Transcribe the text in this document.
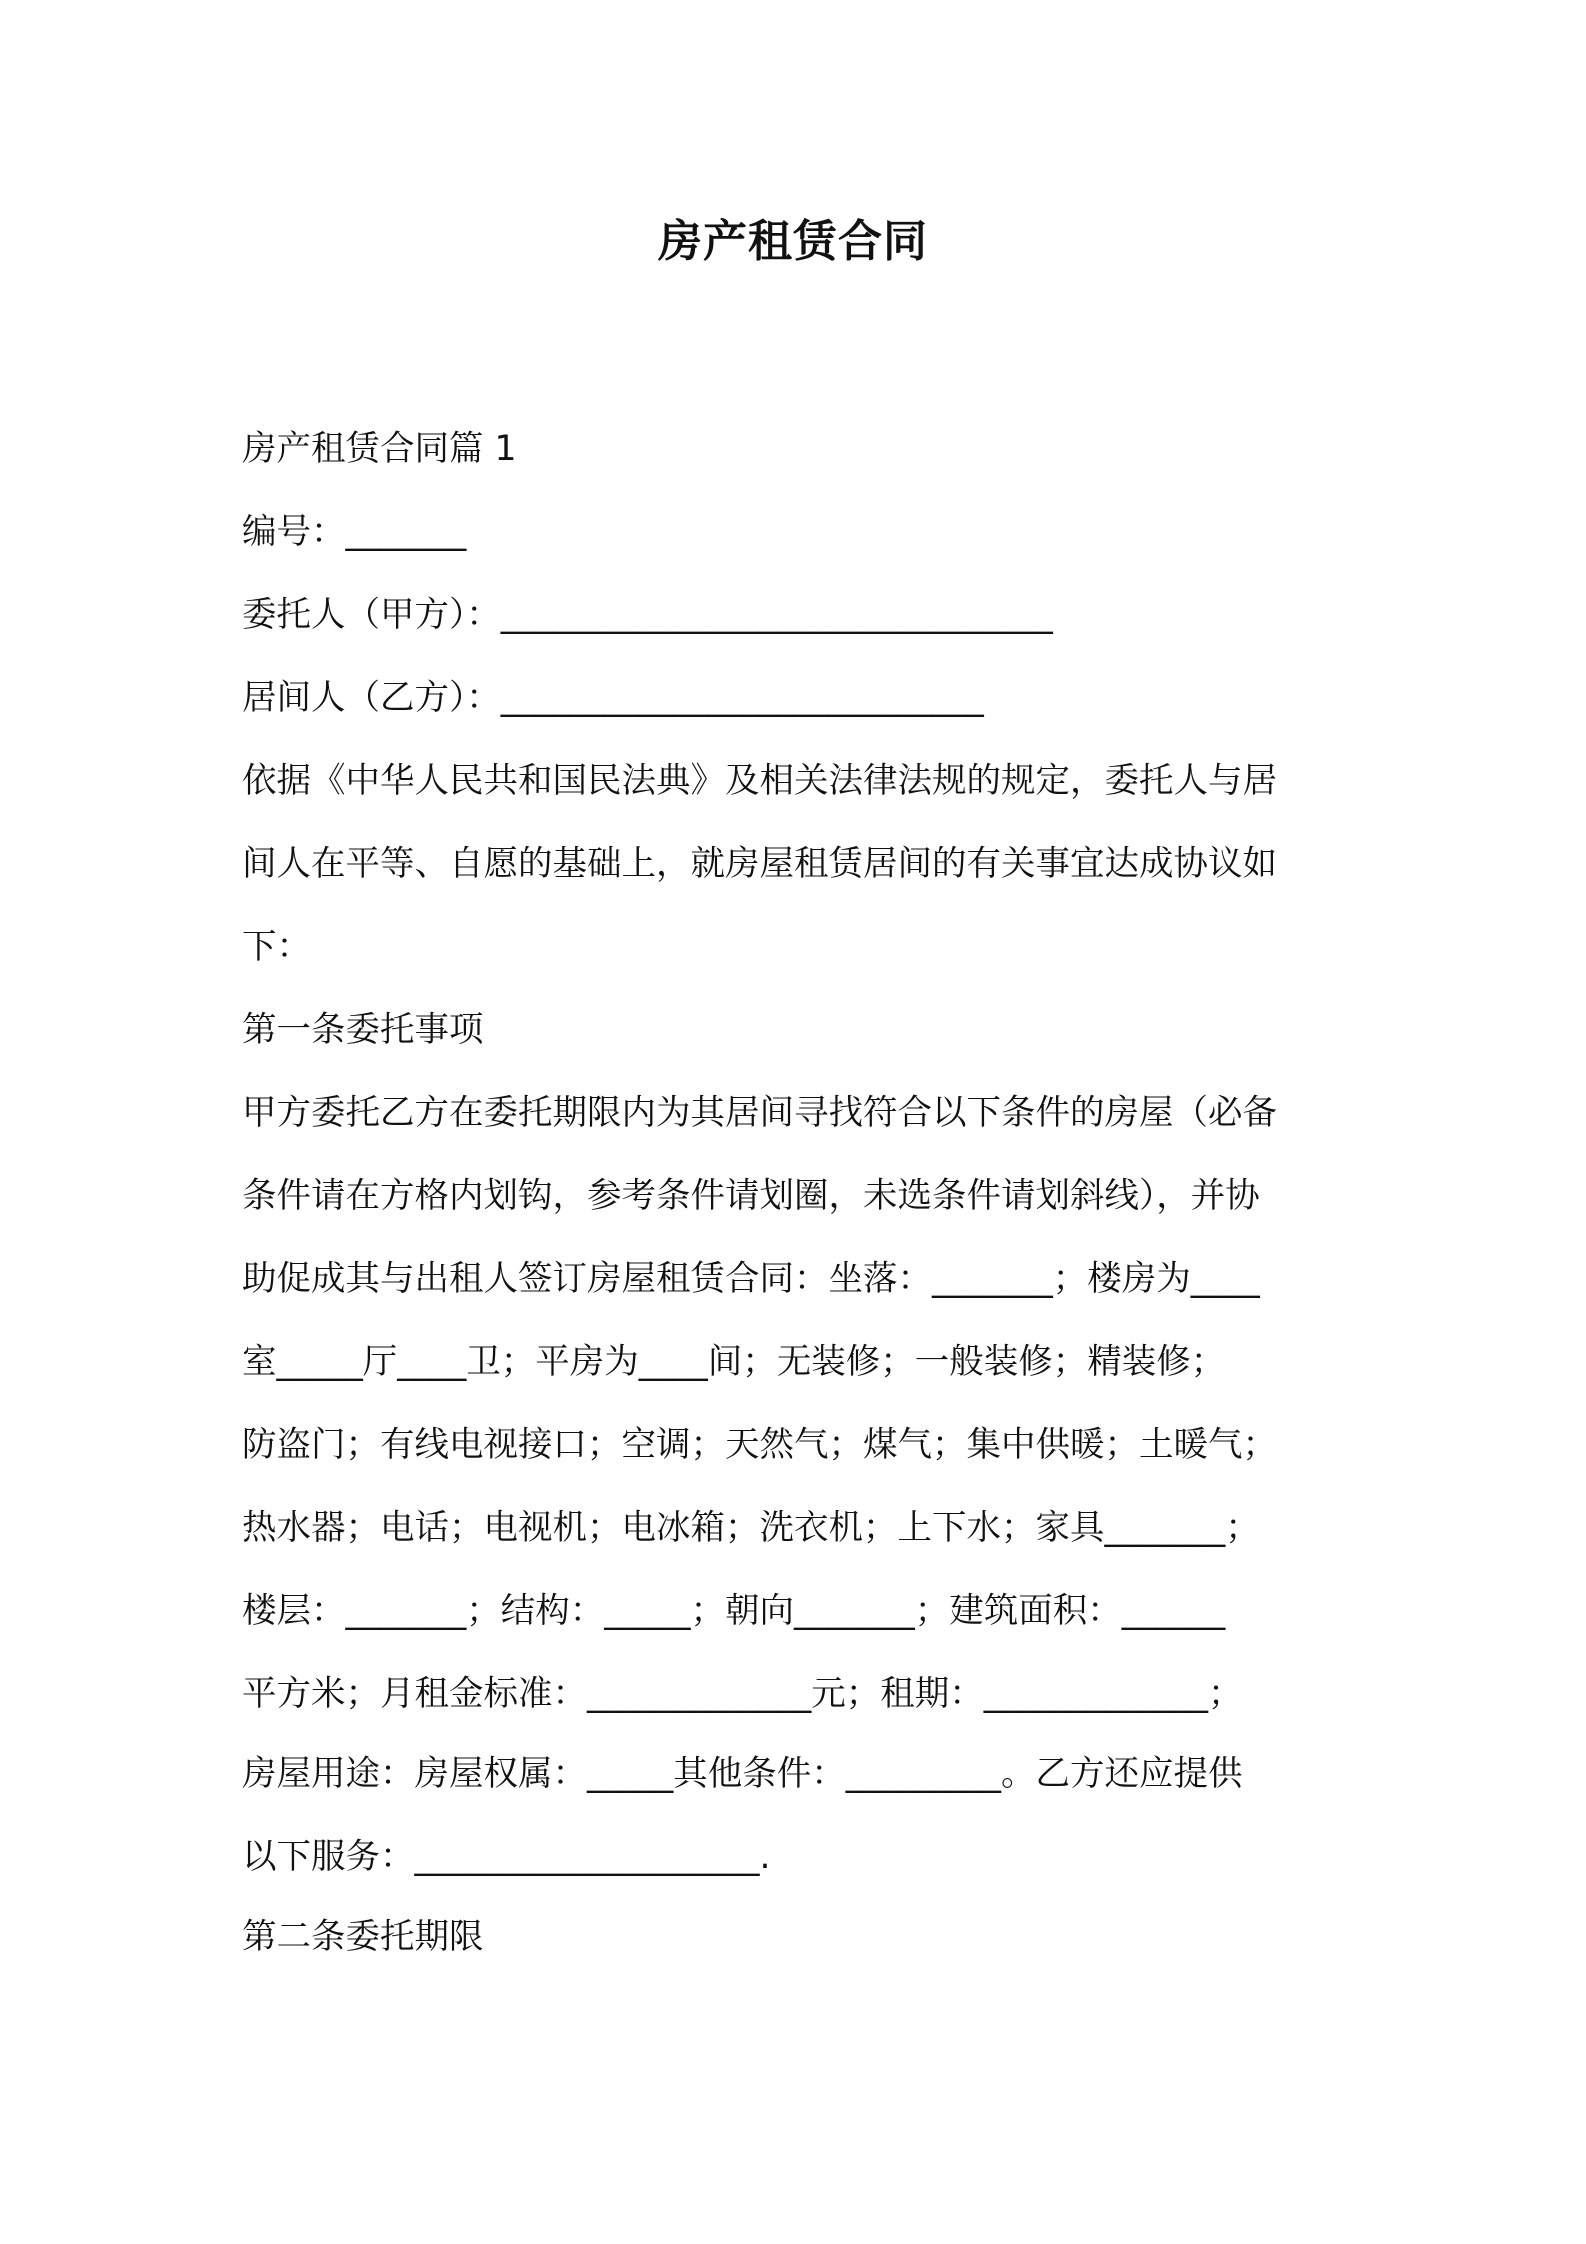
房产租赁合同
房产租赁合同篇 1
编号：_______
委托人（甲方）：________________________________
居间人（乙方）：____________________________
依据《中华人民共和国民法典》及相关法律法规的规定，委托人与居
间人在平等、自愿的基础上，就房屋租赁居间的有关事宜达成协议如
下：
第一条委托事项
甲方委托乙方在委托期限内为其居间寻找符合以下条件的房屋（必备
条件请在方格内划钩，参考条件请划圈，未选条件请划斜线），并协
助促成其与出租人签订房屋租赁合同：坐落：_______；楼房为____
室_____厅____卫；平房为____间；无装修；一般装修；精装修；
防盗门；有线电视接口；空调；天然气；煤气；集中供暖；土暖气；
热水器；电话；电视机；电冰箱；洗衣机；上下水；家具_______；
楼层：_______；结构：_____；朝向_______；建筑面积：______
平方米；月租金标准：_____________元；租期：_____________；
房屋用途：房屋权属：_____其他条件：_________。乙方还应提供
以下服务：____________________.
第二条委托期限
